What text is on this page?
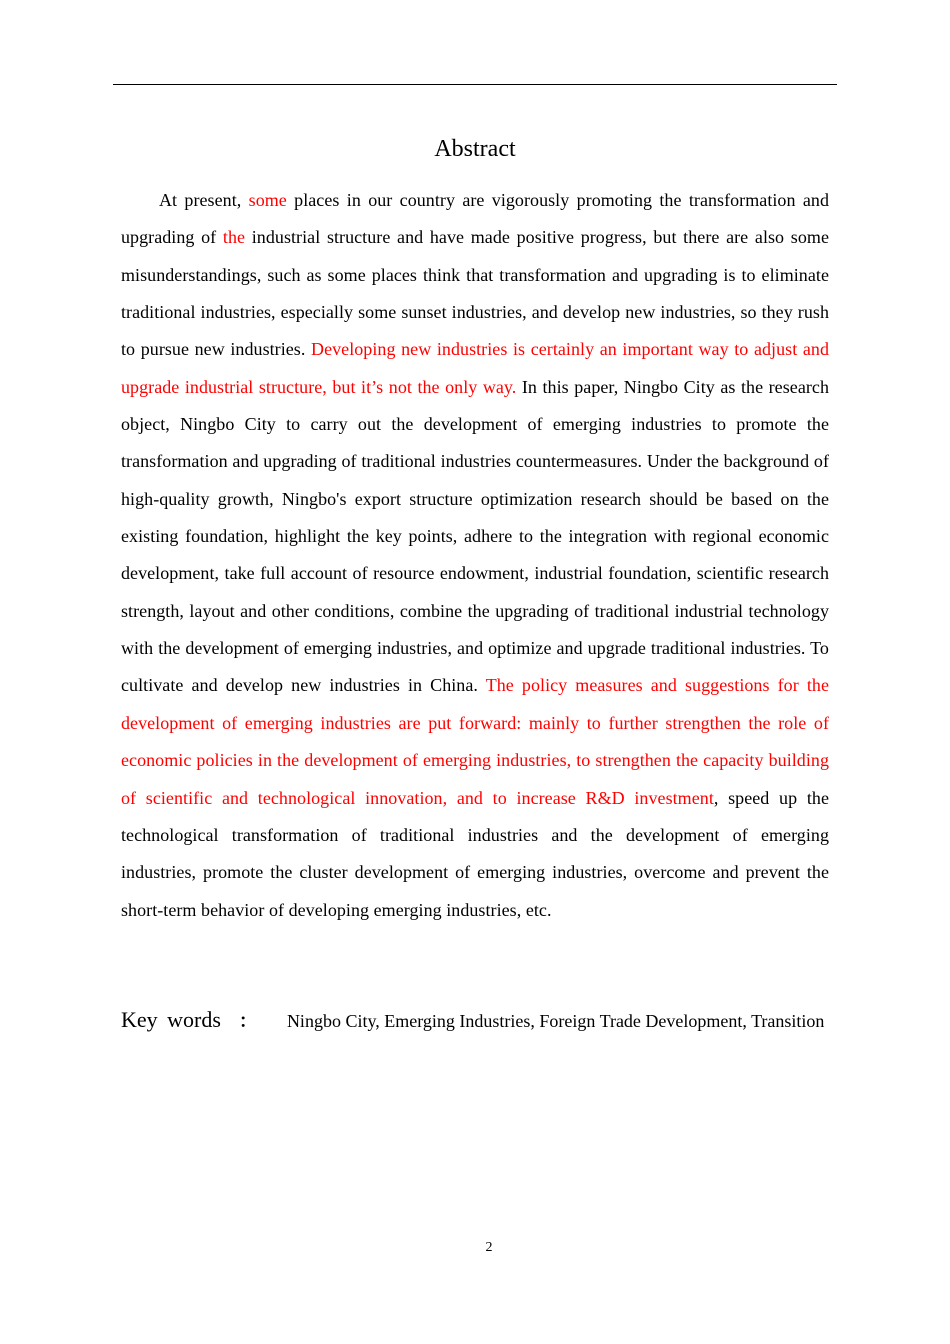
Abstract

At present, some places in our country are vigorously promoting the transformation and upgrading of the industrial structure and have made positive progress, but there are also some misunderstandings, such as some places think that transformation and upgrading is to eliminate traditional industries, especially some sunset industries, and develop new industries, so they rush to pursue new industries. Developing new industries is certainly an important way to adjust and upgrade industrial structure, but it’s not the only way. In this paper, Ningbo City as the research object, Ningbo City to carry out the development of emerging industries to promote the transformation and upgrading of traditional industries countermeasures. Under the background of high-quality growth, Ningbo's export structure optimization research should be based on the existing foundation, highlight the key points, adhere to the integration with regional economic development, take full account of resource endowment, industrial foundation, scientific research strength, layout and other conditions, combine the upgrading of traditional industrial technology with the development of emerging industries, and optimize and upgrade traditional industries. To cultivate and develop new industries in China. The policy measures and suggestions for the development of emerging industries are put forward: mainly to further strengthen the role of economic policies in the development of emerging industries, to strengthen the capacity building of scientific and technological innovation, and to increase R&D investment, speed up the technological transformation of traditional industries and the development of emerging industries, promote the cluster development of emerging industries, overcome and prevent the short-term behavior of developing emerging industries, etc.

Key words ： Ningbo City, Emerging Industries, Foreign Trade Development, Transition

2
